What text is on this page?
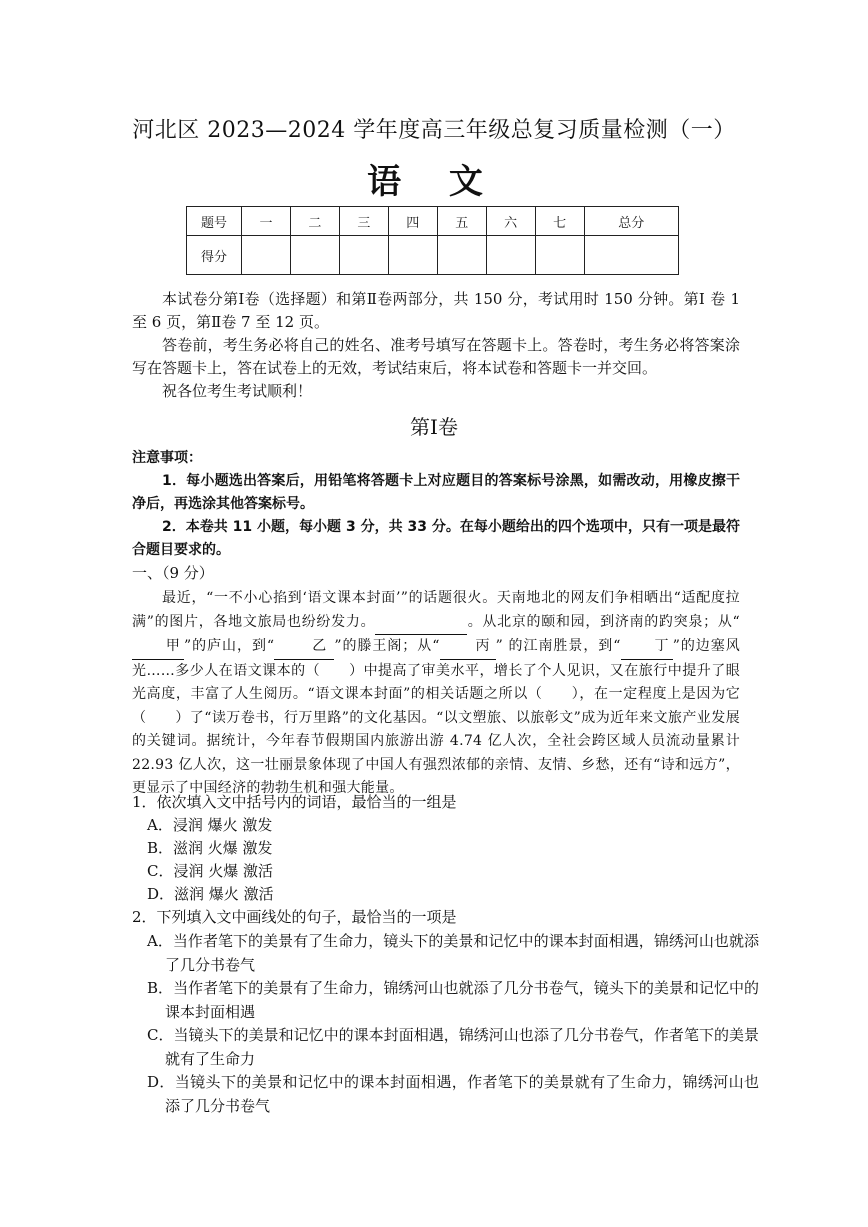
河北区 2023—2024 学年度高三年级总复习质量检测（一）
语 文
题号	一	二	三	四	五	六	七	总分
得分								
本试卷分第Ⅰ卷（选择题）和第Ⅱ卷两部分，共 150 分，考试用时 150 分钟。第Ⅰ 卷 1 至 6 页，第Ⅱ卷 7 至 12 页。
答卷前，考生务必将自己的姓名、准考号填写在答题卡上。答卷时，考生务必将答案涂写在答题卡上，答在试卷上的无效，考试结束后，将本试卷和答题卡一并交回。
祝各位考生考试顺利！
第Ⅰ卷
注意事项：
1．每小题选出答案后，用铅笔将答题卡上对应题目的答案标号涂黑，如需改动，用橡皮擦干净后，再选涂其他答案标号。
2．本卷共 11 小题，每小题 3 分，共 33 分。在每小题给出的四个选项中，只有一项是最符合题目要求的。
一、（9 分）
最近，“一不小心掐到‘语文课本封面’”的话题很火。天南地北的网友们争相晒出“适配度拉满”的图片，各地文旅局也纷纷发力。	。从北京的颐和园，到济南的趵突泉；从“甲 ”的庐山，到“	乙 ”的滕王阁；从“	丙 ” 的江南胜景，到“ 丁 ”的边塞风光……多少人在语文课本的（　　）中提高了审美水平，增长了个人见识，又在旅行中提升了眼光高度，丰富了人生阅历。“语文课本封面”的相关话题之所以（　　），在一定程度上是因为它（　　）了“读万卷书，行万里路”的文化基因。“以文塑旅、以旅彰文”成为近年来文旅产业发展的关键词。据统计，今年春节假期国内旅游出游 4.74 亿人次，全社会跨区域人员流动量累计 22.93 亿人次，这一壮丽景象体现了中国人有强烈浓郁的亲情、友情、乡愁，还有“诗和远方”，更显示了中国经济的勃勃生机和强大能量。
1．依次填入文中括号内的词语，最恰当的一组是
A．浸润 爆火 激发
B．滋润 火爆 激发
C．浸润 火爆 激活
D．滋润 爆火 激活
2．下列填入文中画线处的句子，最恰当的一项是
A．当作者笔下的美景有了生命力，镜头下的美景和记忆中的课本封面相遇，锦绣河山也就添了几分书卷气
B．当作者笔下的美景有了生命力，锦绣河山也就添了几分书卷气，镜头下的美景和记忆中的课本封面相遇
C．当镜头下的美景和记忆中的课本封面相遇，锦绣河山也添了几分书卷气，作者笔下的美景就有了生命力
D．当镜头下的美景和记忆中的课本封面相遇，作者笔下的美景就有了生命力，锦绣河山也添了几分书卷气
